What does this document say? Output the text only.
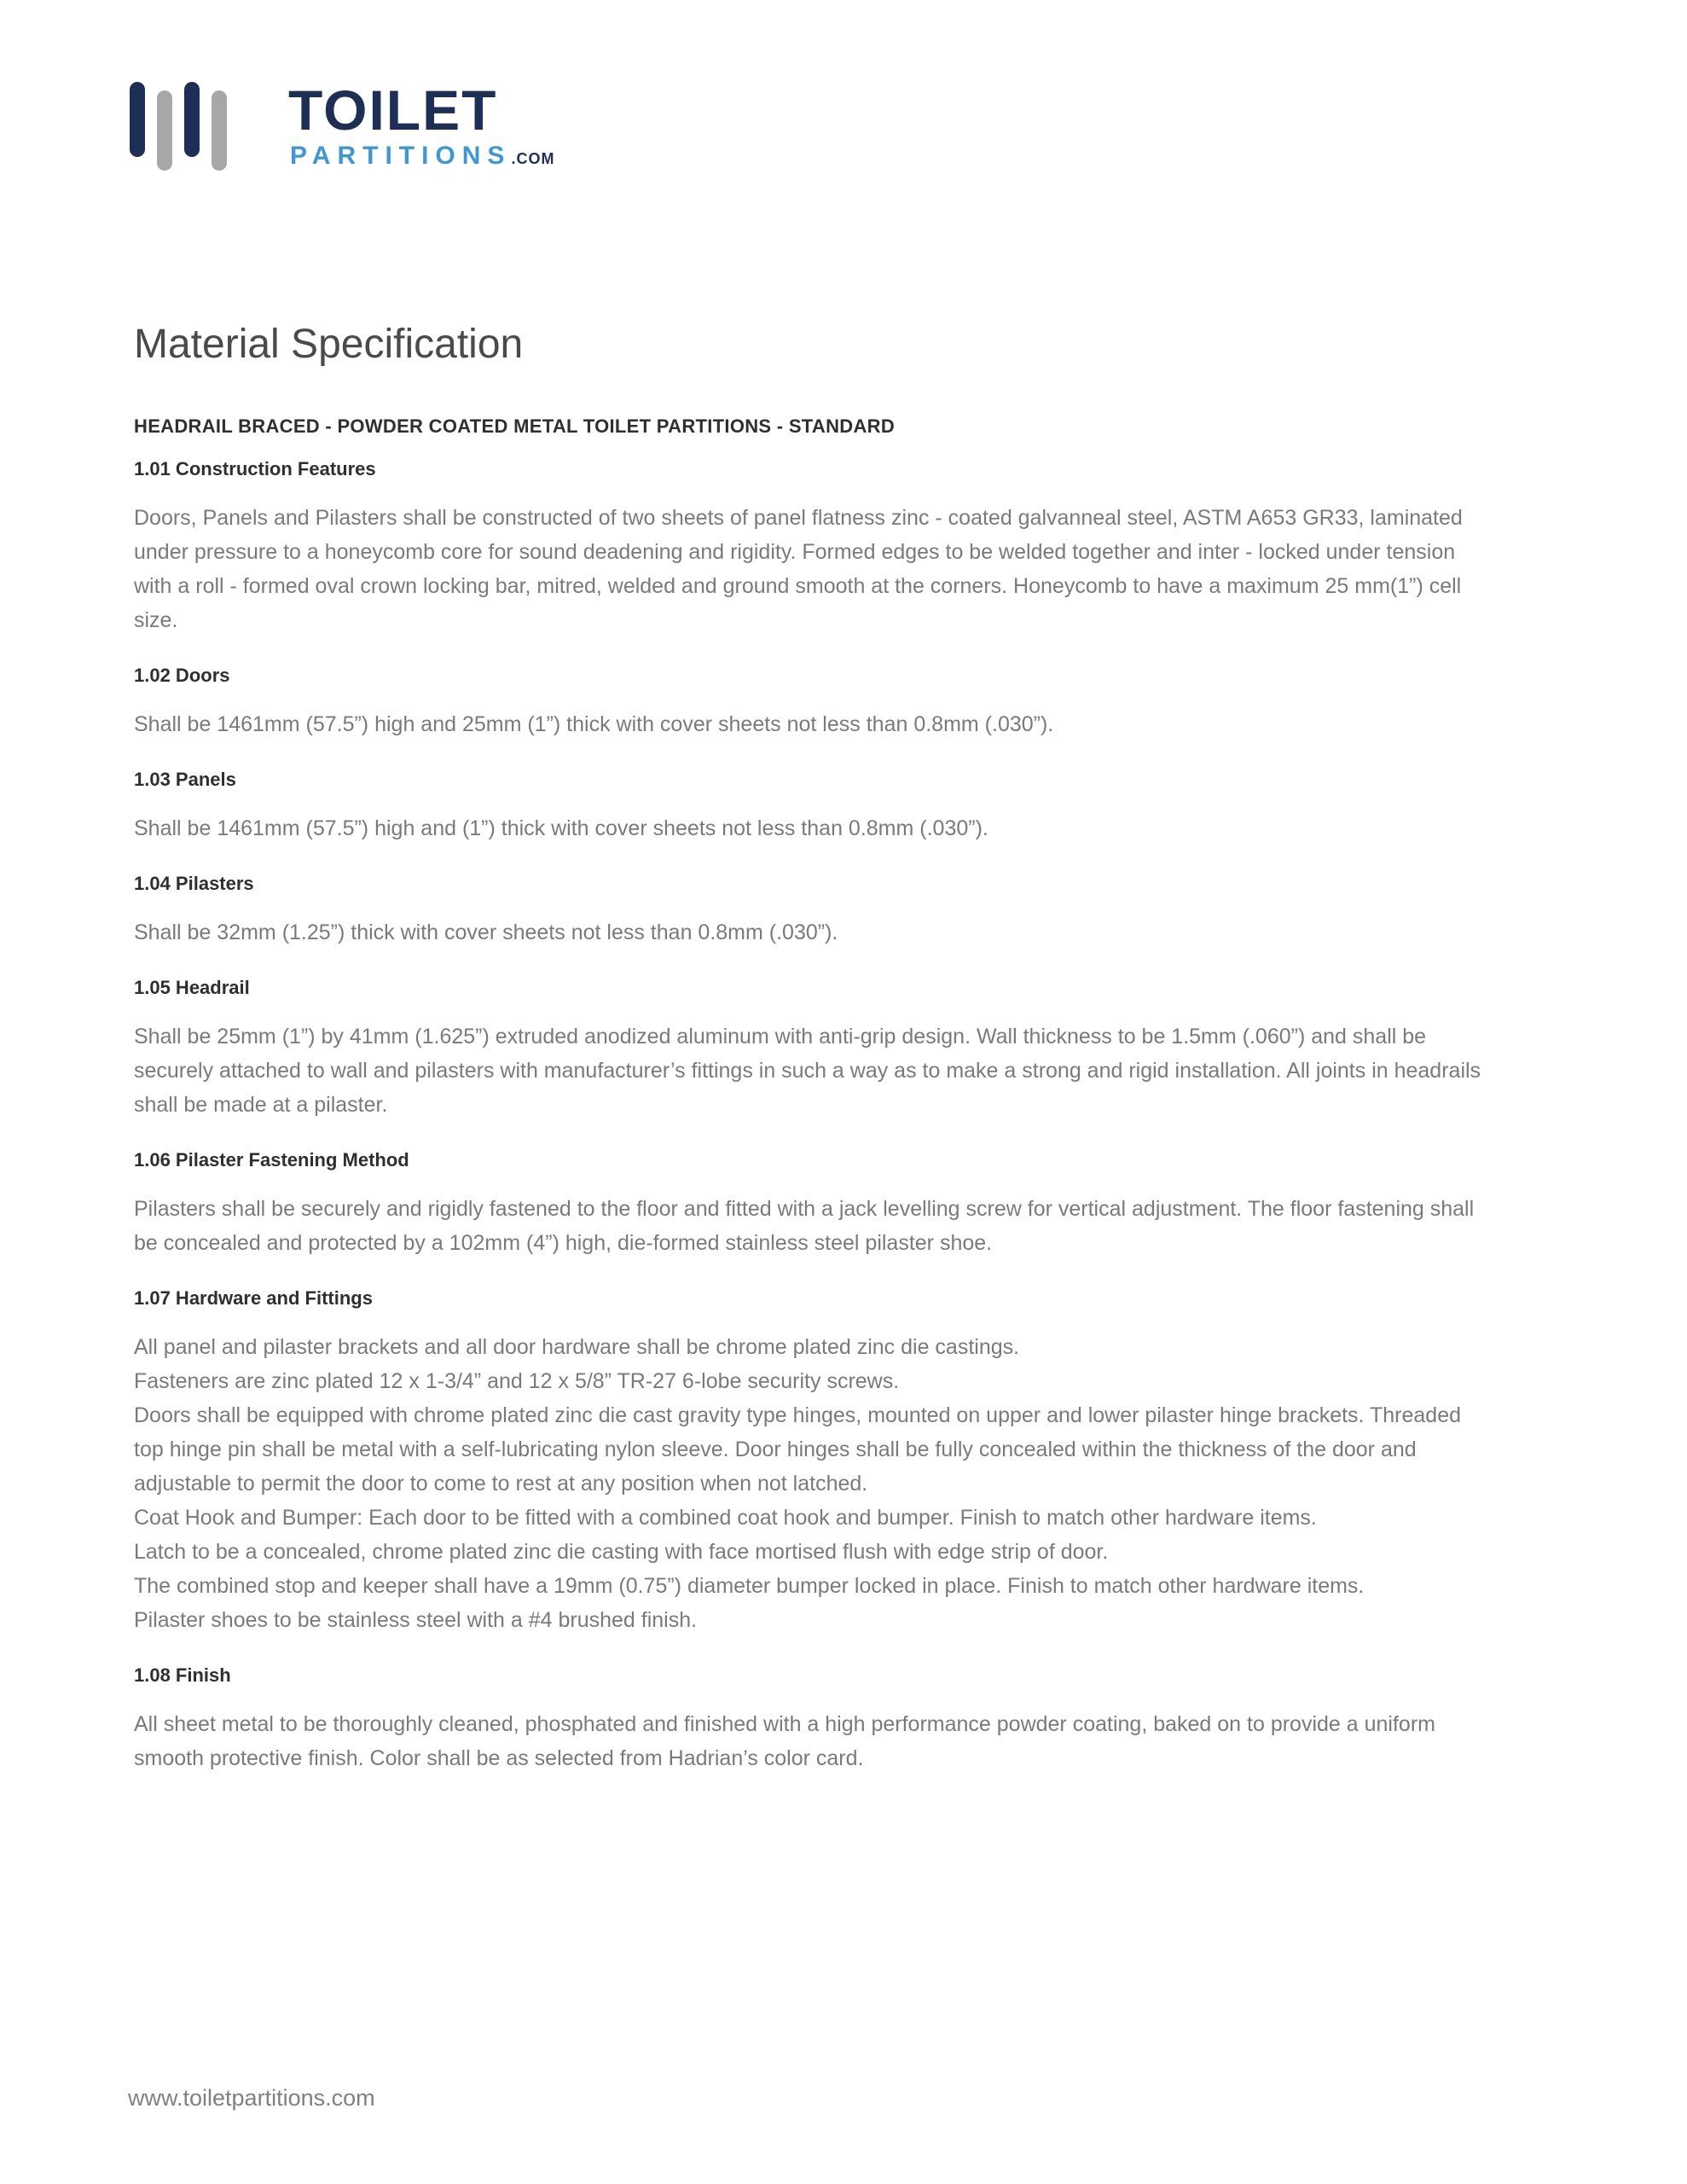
TOILET
PARTITIONS.COM
Material Specification
HEADRAIL BRACED - POWDER COATED METAL TOILET PARTITIONS - STANDARD
1.01 Construction Features

Doors, Panels and Pilasters shall be constructed of two sheets of panel flatness zinc - coated galvanneal steel, ASTM A653 GR33, laminated under pressure to a honeycomb core for sound deadening and rigidity. Formed edges to be welded together and inter - locked under tension with a roll - formed oval crown locking bar, mitred, welded and ground smooth at the corners. Honeycomb to have a maximum 25 mm(1”) cell size.

1.02 Doors

Shall be 1461mm (57.5”) high and 25mm (1”) thick with cover sheets not less than 0.8mm (.030”).

1.03 Panels

Shall be 1461mm (57.5”) high and (1”) thick with cover sheets not less than 0.8mm (.030”).

1.04 Pilasters

Shall be 32mm (1.25”) thick with cover sheets not less than 0.8mm (.030”).

1.05 Headrail

Shall be 25mm (1”) by 41mm (1.625”) extruded anodized aluminum with anti-grip design. Wall thickness to be 1.5mm (.060”) and shall be securely attached to wall and pilasters with manufacturer’s fittings in such a way as to make a strong and rigid installation. All joints in headrails shall be made at a pilaster.

1.06 Pilaster Fastening Method

Pilasters shall be securely and rigidly fastened to the floor and fitted with a jack levelling screw for vertical adjustment. The floor fastening shall be concealed and protected by a 102mm (4”) high, die-formed stainless steel pilaster shoe.

1.07 Hardware and Fittings

All panel and pilaster brackets and all door hardware shall be chrome plated zinc die castings.

Fasteners are zinc plated 12 x 1-3/4” and 12 x 5/8” TR-27 6-lobe security screws.

Doors shall be equipped with chrome plated zinc die cast gravity type hinges, mounted on upper and lower pilaster hinge brackets. Threaded top hinge pin shall be metal with a self-lubricating nylon sleeve. Door hinges shall be fully concealed within the thickness of the door and adjustable to permit the door to come to rest at any position when not latched.

Coat Hook and Bumper: Each door to be fitted with a combined coat hook and bumper. Finish to match other hardware items.

Latch to be a concealed, chrome plated zinc die casting with face mortised flush with edge strip of door.

The combined stop and keeper shall have a 19mm (0.75”) diameter bumper locked in place. Finish to match other hardware items.

Pilaster shoes to be stainless steel with a #4 brushed finish.

1.08 Finish

All sheet metal to be thoroughly cleaned, phosphated and finished with a high performance powder coating, baked on to provide a uniform smooth protective finish. Color shall be as selected from Hadrian’s color card.

www.toiletpartitions.com
